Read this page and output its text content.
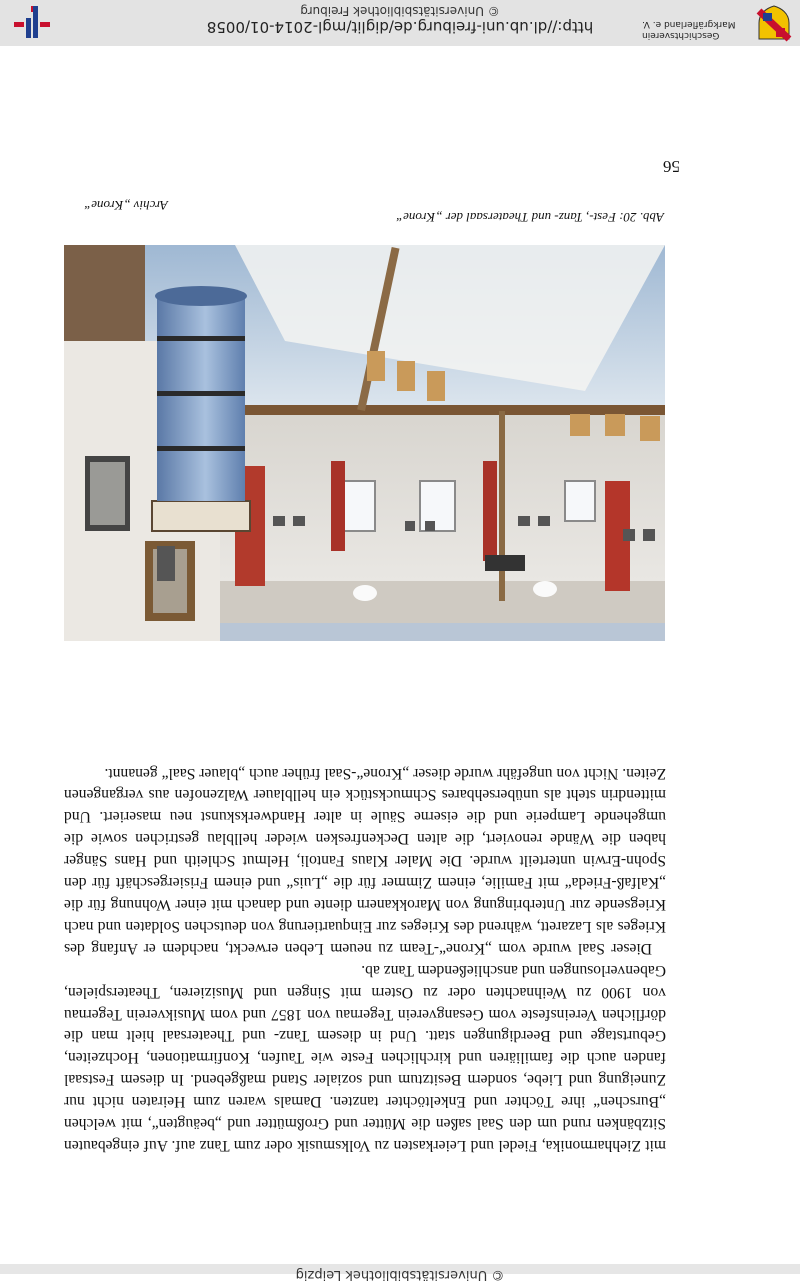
http://dl.ub.uni-freiburg.de/diglit/mgl-2014-01/0058
© Universitätsbibliothek Freiburg
Geschichtsverein Markgräflerland e. V.
© Universitätsbibliothek Leipzig
56
Abb. 20: Fest-, Tanz- und Theatersaal der „Krone“
Archiv „Krone“

mit Ziehharmonika, Fiedel und Leierkasten zu Volksmusik oder zum Tanz auf. Auf eingebauten Sitzbänken rund um den Saal saßen die Mütter und Großmütter und „beäugten“, mit welchen „Burschen“ ihre Töchter und Enkeltöchter tanzten. Damals waren zum Heiraten nicht nur Zuneigung und Liebe, sondern Besitztum und sozialer Stand maßgebend. In diesem Festsaal fanden auch die familiären und kirchlichen Feste wie Taufen, Konfirmationen, Hochzeiten, Geburtstage und Beerdigungen statt. Und in diesem Tanz- und Theatersaal hielt man die dörflichen Vereinsfeste vom Gesangverein Tegernau von 1857 und vom Musikverein Tegernau von 1900 zu Weihnachten oder zu Ostern mit Singen und Musizieren, Theaterspielen, Gabenverlosungen und anschließendem Tanz ab.

Dieser Saal wurde vom „Krone“-Team zu neuem Leben erweckt, nachdem er Anfang des Krieges als Lazarett, während des Krieges zur Einquartierung von deutschen Soldaten und nach Kriegsende zur Unterbringung von Marokkanern diente und danach mit einer Wohnung für die „Kalfaß-Frieda“ mit Familie, einem Zimmer für die „Luis“ und einem Frisiergeschäft für den Spohn-Erwin unterteilt wurde. Die Maler Klaus Fantoli, Helmut Schleith und Hans Sänger haben die Wände renoviert, die alten Deckenfresken wieder hellblau gestrichen sowie die umgehende Lamperie und die eiserne Säule in alter Handwerkskunst neu maseriert. Und mittendrin steht als unübersehbares Schmuckstück ein hellblauer Walzenofen aus vergangenen Zeiten. Nicht von ungefähr wurde dieser „Krone“-Saal früher auch „blauer Saal“ genannt.
